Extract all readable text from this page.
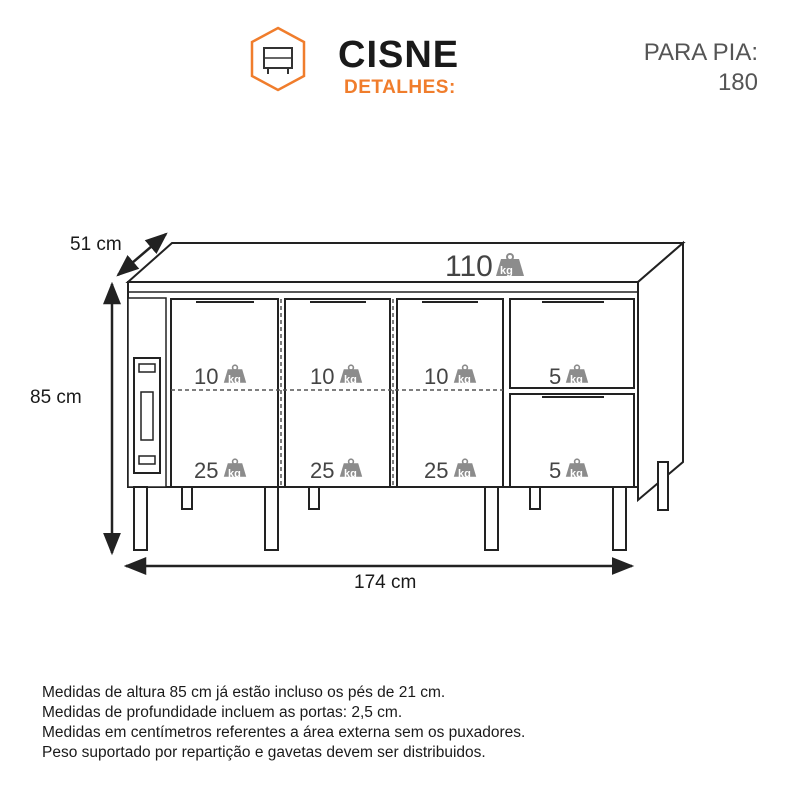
CISNE
DETALHES:
PARA PIA:
180
51 cm
85 cm
174 cm
110 kg
10 kg	10 kg	10 kg
25 kg	25 kg	25 kg
5 kg
5 kg
Medidas de altura 85 cm já estão incluso os pés de 21 cm.
Medidas de profundidade incluem as portas: 2,5 cm.
Medidas em centímetros referentes a área externa sem os puxadores.
Peso suportado por repartição e gavetas devem ser distribuidos.
